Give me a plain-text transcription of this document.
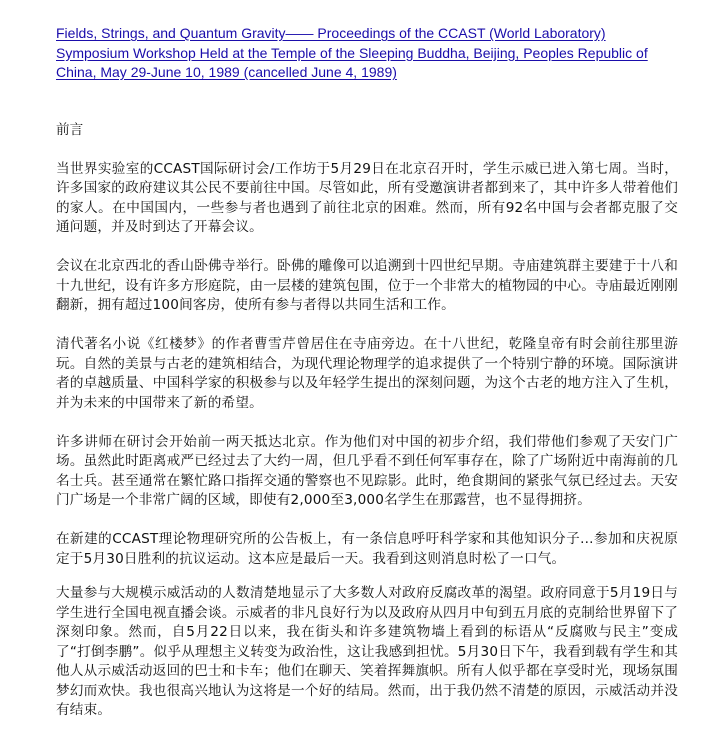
Fields, Strings, and Quantum Gravity—— Proceedings of the CCAST (World Laboratory) Symposium Workshop Held at the Temple of the Sleeping Buddha, Beijing, Peoples Republic of China, May 29-June 10, 1989 (cancelled June 4, 1989)
前言

当世界实验室的CCAST国际研讨会/工作坊于5月29日在北京召开时，学生示威已进入第七周。当时，许多国家的政府建议其公民不要前往中国。尽管如此，所有受邀演讲者都到来了，其中许多人带着他们的家人。在中国国内，一些参与者也遇到了前往北京的困难。然而，所有92名中国与会者都克服了交通问题，并及时到达了开幕会议。

会议在北京西北的香山卧佛寺举行。卧佛的雕像可以追溯到十四世纪早期。寺庙建筑群主要建于十八和十九世纪，设有许多方形庭院，由一层楼的建筑包围，位于一个非常大的植物园的中心。寺庙最近刚刚翻新，拥有超过100间客房，使所有参与者得以共同生活和工作。

清代著名小说《红楼梦》的作者曹雪芹曾居住在寺庙旁边。在十八世纪，乾隆皇帝有时会前往那里游玩。自然的美景与古老的建筑相结合，为现代理论物理学的追求提供了一个特别宁静的环境。国际演讲者的卓越质量、中国科学家的积极参与以及年轻学生提出的深刻问题，为这个古老的地方注入了生机，并为未来的中国带来了新的希望。

许多讲师在研讨会开始前一两天抵达北京。作为他们对中国的初步介绍，我们带他们参观了天安门广场。虽然此时距离戒严已经过去了大约一周，但几乎看不到任何军事存在，除了广场附近中南海前的几名士兵。甚至通常在繁忙路口指挥交通的警察也不见踪影。此时，绝食期间的紧张气氛已经过去。天安门广场是一个非常广阔的区域，即使有2,000至3,000名学生在那露营，也不显得拥挤。

在新建的CCAST理论物理研究所的公告板上，有一条信息呼吁科学家和其他知识分子...参加和庆祝原定于5月30日胜利的抗议运动。这本应是最后一天。我看到这则消息时松了一口气。

大量参与大规模示威活动的人数清楚地显示了大多数人对政府反腐改革的渴望。政府同意于5月19日与学生进行全国电视直播会谈。示威者的非凡良好行为以及政府从四月中旬到五月底的克制给世界留下了深刻印象。然而，自5月22日以来，我在街头和许多建筑物墙上看到的标语从“反腐败与民主”变成了“打倒李鹏”。似乎从理想主义转变为政治性，这让我感到担忧。5月30日下午，我看到载有学生和其他人从示威活动返回的巴士和卡车；他们在聊天、笑着挥舞旗帜。所有人似乎都在享受时光，现场氛围梦幻而欢快。我也很高兴地认为这将是一个好的结局。然而，出于我仍然不清楚的原因，示威活动并没有结束。
